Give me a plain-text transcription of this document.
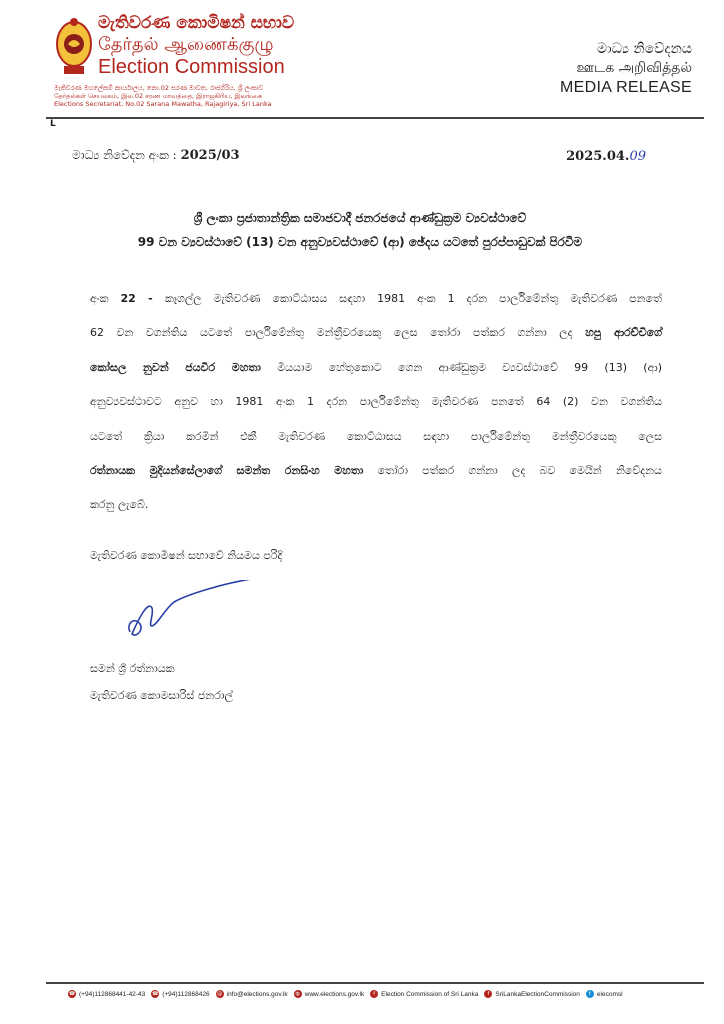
මැතිවරණ කොමිෂන් සභාව
தேர்தல் ஆணைக்குழு
Election Commission
මැතිවරණ මහලේකම් කාර්යාලය, නො.02 සරණ මාවත, රාජගිරිය, ශ්‍රී ලංකාව
தேர்தல்கள் செயலகம், இல.02 சரண மாவத்தை, இராஜகிரிய, இலங்கை
Elections Secretariat, No.02 Sarana Mawatha, Rajagiriya, Sri Lanka
මාධ්‍ය නිවේදනය
ஊடக அறிவித்தல்
MEDIA RELEASE
L
මාධ්‍ය නිවේදන අංක : 2025/03	2025.04.09
ශ්‍රී ලංකා ප්‍රජාතාන්ත්‍රික සමාජවාදී ජනරජයේ ආණ්ඩුක්‍රම ව්‍යවස්ථාවේ
99 වන ව්‍යවස්ථාවේ (13) වන අනුව්‍යවස්ථාවේ (ආ) ඡේදය යටතේ පුරප්පාඩුවක් පිරවීම
අංක 22 - කෑගල්ල මැතිවරණ කොට්ඨාසය සඳහා 1981 අංක 1 දරන පාර්ලිමේන්තු මැතිවරණ පනතේ
62 වන වගන්තිය යටතේ පාර්ලිමේන්තු මන්ත්‍රීවරයෙකු ලෙස තෝරා පත්කර ගන්නා ලද හපු ආරච්චිගේ
කෝසල නුවන් ජයවීර මහතා මියයාම හේතුකොට ගෙන ආණ්ඩුක්‍රම ව්‍යවස්ථාවේ 99 (13) (ආ)
අනුව්‍යවස්ථාවට අනුව හා 1981 අංක 1 දරන පාර්ලිමේන්තු මැතිවරණ පනතේ 64 (2) වන වගන්තිය
යටතේ ක්‍රියා කරමින් එකී මැතිවරණ කොට්ඨාසය සඳහා පාර්ලිමේන්තු මන්ත්‍රීවරයෙකු ලෙස
රත්නායක මුදියන්සේලාගේ සමන්ත රනසිංහ මහතා තෝරා පත්කර ගන්නා ලද බව මෙයින් නිවේදනය
කරනු ලැබේ.
මැතිවරණ කොමිෂන් සභාවේ නියමය පරිදි
සමන් ශ්‍රී රත්නායක
මැතිවරණ කොමසාරිස් ජනරාල්
☎ (+94)112868441-42-43 ☎ (+94)112868426	@ info@elections.gov.lk	◍ www.elections.gov.lk	f Election Commission of Sri Lanka	f SriLankaElectionCommission	t elecomsl
